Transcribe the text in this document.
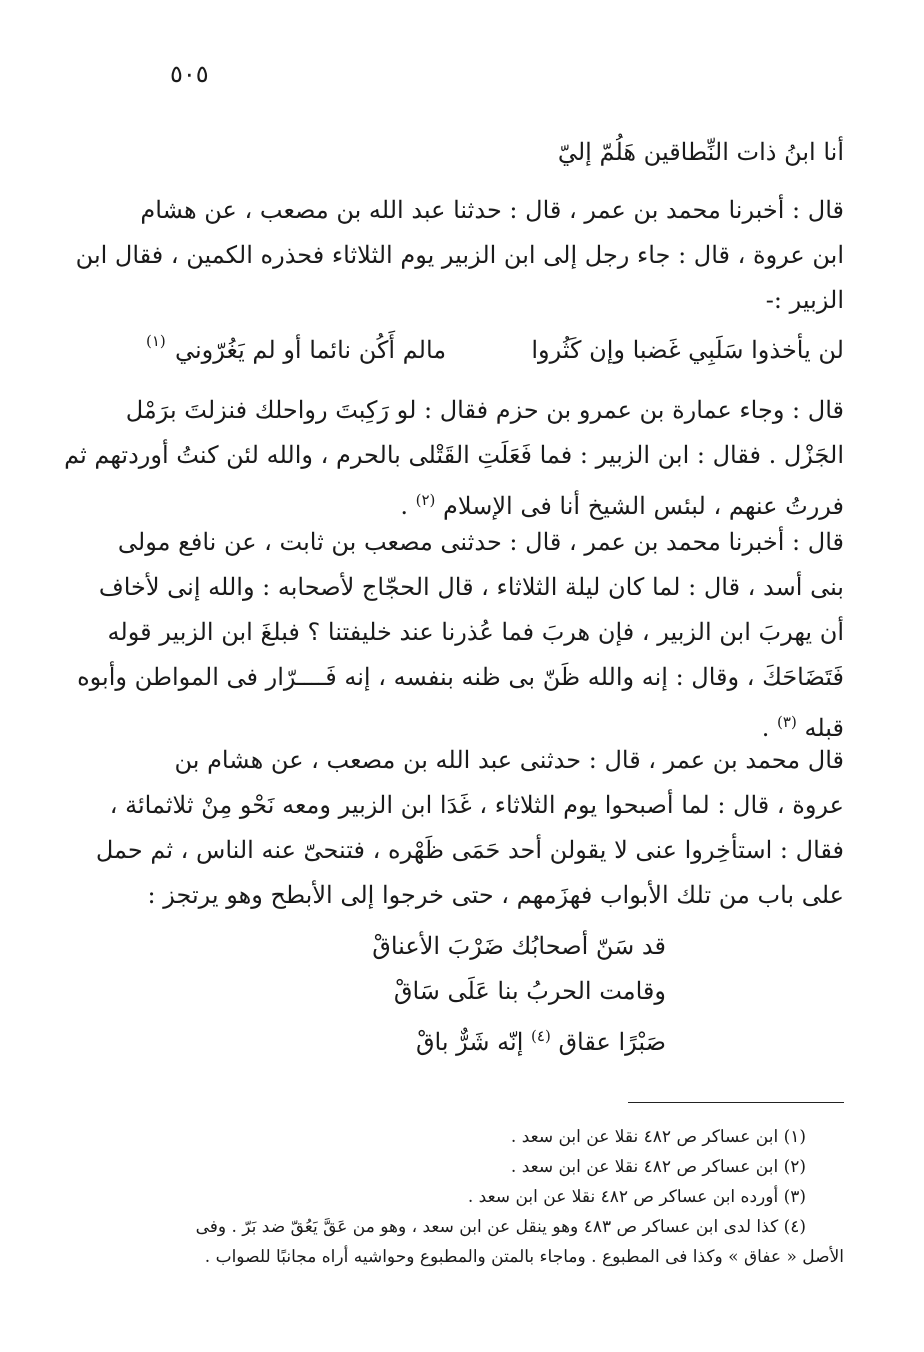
٥٠٥
أنا ابنُ ذات النِّطاقين هَلُمّ إليّ
قال : أخبرنا محمد بن عمر ، قال : حدثنا عبد الله بن مصعب ، عن هشام
ابن عروة ، قال : جاء رجل إلى ابن الزبير يوم الثلاثاء فحذره الكمين ، فقال ابن
الزبير :-
لن يأخذوا سَلَبِي غَضبا وإن كَثُروا
مالم أَكُن نائما أو لم يَغُرّوني
(١)
قال : وجاء عمارة بن عمرو بن حزم فقال : لو رَكِبتَ رواحلك فنزلتَ برَمْل
الجَزْل . فقال : ابن الزبير : فما فَعَلَتِ القَتْلى بالحرم ، والله لئن كنتُ أوردتهم ثم
فررتُ عنهم ، لبئس الشيخ أنا فى الإسلام $^{(٢)}$ .
قال : أخبرنا محمد بن عمر ، قال : حدثنى مصعب بن ثابت ، عن نافع مولى
بنى أسد ، قال : لما كان ليلة الثلاثاء ، قال الحجّاج لأصحابه : والله إنى لأخاف
أن يهربَ ابن الزبير ، فإن هربَ فما عُذرنا عند خليفتنا ؟ فبلغَ ابن الزبير قوله
فَتَضَاحَكَ ، وقال : إنه والله ظَنّ بى ظنه بنفسه ، إنه فَــــرّار فى المواطن وأبوه
قبله $^{(٣)}$ .
قال محمد بن عمر ، قال : حدثنى عبد الله بن مصعب ، عن هشام بن
عروة ، قال : لما أصبحوا يوم الثلاثاء ، غَدَا ابن الزبير ومعه نَحْو مِنْ ثلاثمائة ،
فقال : استأخِروا عنى لا يقولن أحد حَمَى ظَهْره ، فتنحىّ عنه الناس ، ثم حمل
على باب من تلك الأبواب فهزَمهم ، حتى خرجوا إلى الأبطح وهو يرتجز :
قد سَنّ أصحابُك ضَرْبَ الأعناقْ
وقامت الحربُ بنا عَلَى سَاقْ
صَبْرًا عقاق $^{(٤)}$ إنّه شَرٌّ باقْ
(١) ابن عساكر ص ٤٨٢ نقلا عن ابن سعد .
(٢) ابن عساكر ص ٤٨٢ نقلا عن ابن سعد .
(٣) أورده ابن عساكر ص ٤٨٢ نقلا عن ابن سعد .
(٤) كذا لدى ابن عساكر ص ٤٨٣ وهو ينقل عن ابن سعد ، وهو من عَقَّ يَعُقّ ضد بَرّ . وفى
الأصل « عفاق » وكذا فى المطبوع . وماجاء بالمتن والمطبوع وحواشيه أراه مجانبًا للصواب .
